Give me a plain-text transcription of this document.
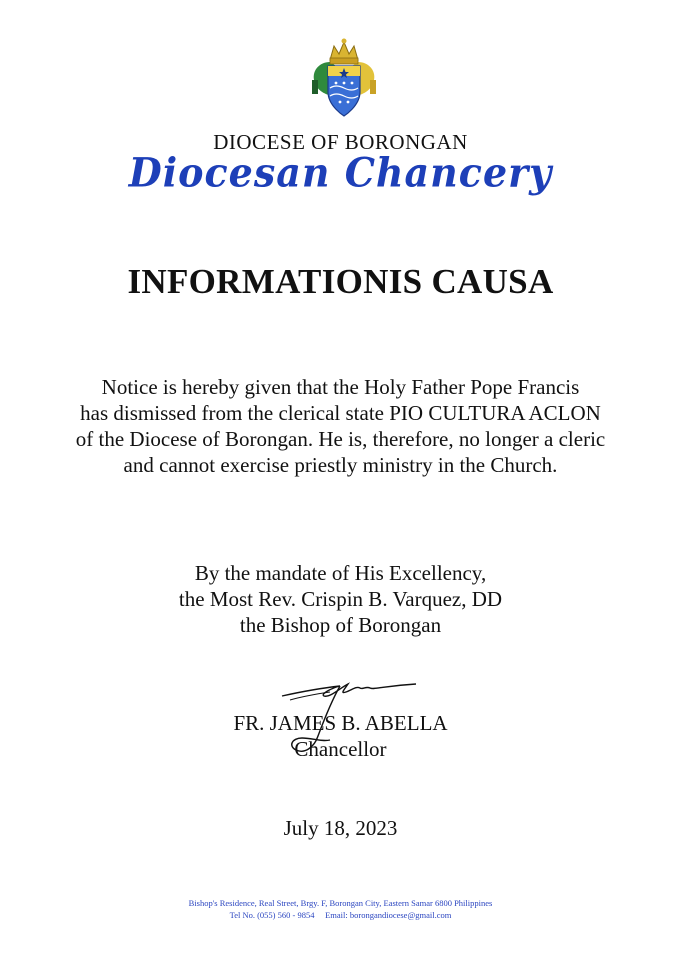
DIOCESE OF BORONGAN
Diocesan Chancery
INFORMATIONIS CAUSA
Notice is hereby given that the Holy Father Pope Francis
has dismissed from the clerical state PIO CULTURA ACLON
of the Diocese of Borongan. He is, therefore, no longer a cleric
and cannot exercise priestly ministry in the Church.
By the mandate of His Excellency,
the Most Rev. Crispin B. Varquez, DD
the Bishop of Borongan
FR. JAMES B. ABELLA
Chancellor
July 18, 2023
Bishop's Residence, Real Street, Brgy. F, Borongan City, Eastern Samar 6800 Philippines
Tel No. (055) 560 - 9854     Email: borongandiocese@gmail.com
